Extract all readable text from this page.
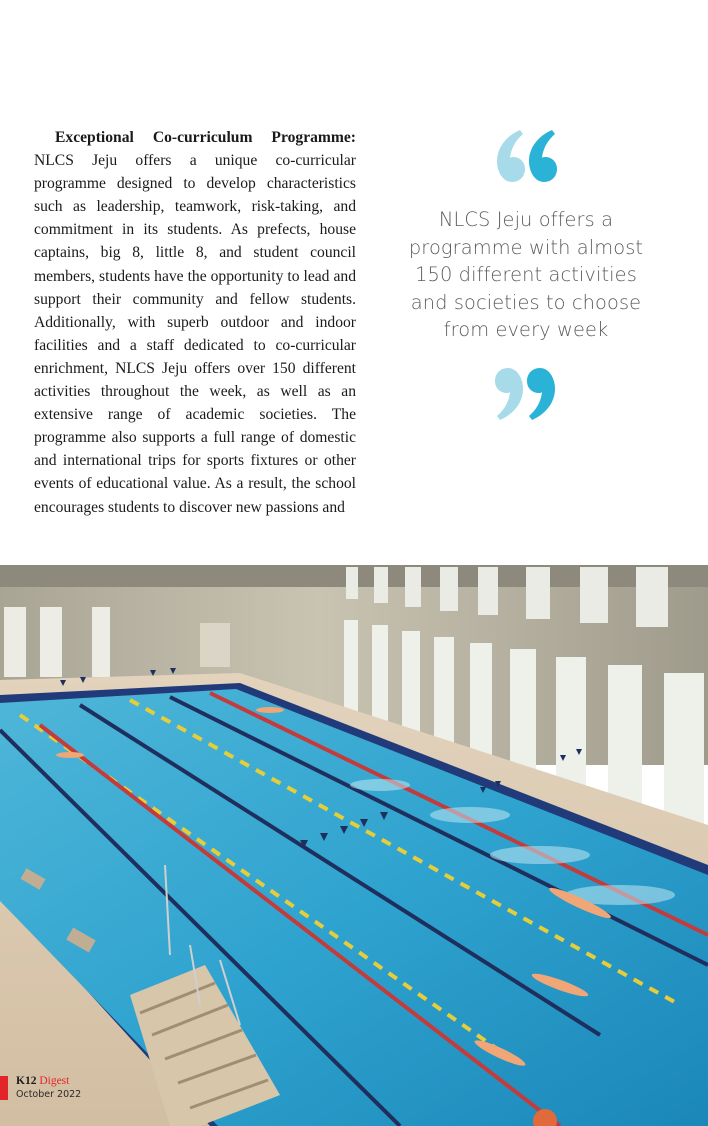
Exceptional Co-curriculum Programme: NLCS Jeju offers a unique co-curricular programme designed to develop characteristics such as leadership, teamwork, risk-taking, and commitment in its students. As prefects, house captains, big 8, little 8, and student council members, students have the opportunity to lead and support their community and fellow students. Additionally, with superb outdoor and indoor facilities and a staff dedicated to co-curricular enrichment, NLCS Jeju offers over 150 different activities throughout the week, as well as an extensive range of academic societies. The programme also supports a full range of domestic and international trips for sports fixtures or other events of educational value. As a result, the school encourages students to discover new passions and

NLCS Jeju offers a programme with almost 150 different activities and societies to choose from every week
K12 Digest
October 2022
